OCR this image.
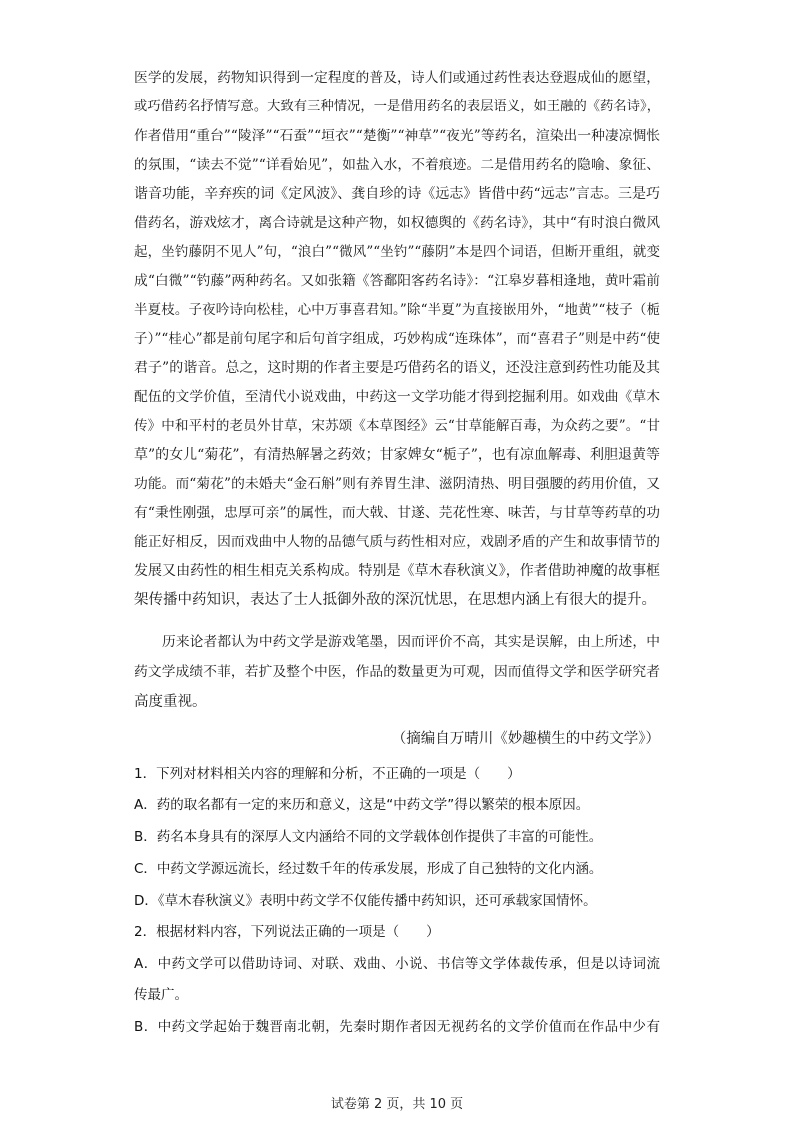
医学的发展，药物知识得到一定程度的普及，诗人们或通过药性表达登遐成仙的愿望，
或巧借药名抒情写意。大致有三种情况，一是借用药名的表层语义，如王融的《药名诗》，
作者借用“重台”“陵泽”“石蚕”“垣衣”“楚衡”“神草”“夜光”等药名，渲染出一种凄凉惆怅
的氛围，“读去不觉”“详看始见”，如盐入水，不着痕迹。二是借用药名的隐喻、象征、
谐音功能，辛弃疾的词《定风波》、龚自珍的诗《远志》皆借中药“远志”言志。三是巧
借药名，游戏炫才，离合诗就是这种产物，如权德舆的《药名诗》，其中“有时浪白微风
起，坐钓藤阴不见人”句，“浪白”“微风”“坐钓”“藤阴”本是四个词语，但断开重组，就变
成“白微”“钓藤”两种药名。又如张籍《答鄱阳客药名诗》：“江皋岁暮相逢地，黄叶霜前
半夏枝。子夜吟诗向松桂，心中万事喜君知。”除“半夏”为直接嵌用外，“地黄”“枝子（栀
子）”“桂心”都是前句尾字和后句首字组成，巧妙构成“连珠体”，而“喜君子”则是中药“使
君子”的谐音。总之，这时期的作者主要是巧借药名的语义，还没注意到药性功能及其
配伍的文学价值，至清代小说戏曲，中药这一文学功能才得到挖掘利用。如戏曲《草木
传》中和平村的老员外甘草，宋苏颂《本草图经》云“甘草能解百毒，为众药之要”。“甘
草”的女儿“菊花”，有清热解暑之药效；甘家婢女“栀子”，也有凉血解毒、利胆退黄等
功能。而“菊花”的未婚夫“金石斛”则有养胃生津、滋阴清热、明目强腰的药用价值，又
有“秉性刚强，忠厚可亲”的属性，而大戟、甘遂、芫花性寒、味苦，与甘草等药草的功
能正好相反，因而戏曲中人物的品德气质与药性相对应，戏剧矛盾的产生和故事情节的
发展又由药性的相生相克关系构成。特别是《草木春秋演义》，作者借助神魔的故事框
架传播中药知识，表达了士人抵御外敌的深沉忧思，在思想内涵上有很大的提升。
历来论者都认为中药文学是游戏笔墨，因而评价不高，其实是误解，由上所述，中
药文学成绩不菲，若扩及整个中医，作品的数量更为可观，因而值得文学和医学研究者
高度重视。
（摘编自万晴川《妙趣横生的中药文学》）
1．下列对材料相关内容的理解和分析，不正确的一项是（　　）
A．药的取名都有一定的来历和意义，这是“中药文学”得以繁荣的根本原因。
B．药名本身具有的深厚人文内涵给不同的文学载体创作提供了丰富的可能性。
C．中药文学源远流长，经过数千年的传承发展，形成了自己独特的文化内涵。
D．《草木春秋演义》表明中药文学不仅能传播中药知识，还可承载家国情怀。
2．根据材料内容，下列说法正确的一项是（　　）
A．中药文学可以借助诗词、对联、戏曲、小说、书信等文学体裁传承，但是以诗词流
传最广。
B．中药文学起始于魏晋南北朝，先秦时期作者因无视药名的文学价值而在作品中少有
试卷第 2 页，共 10 页
